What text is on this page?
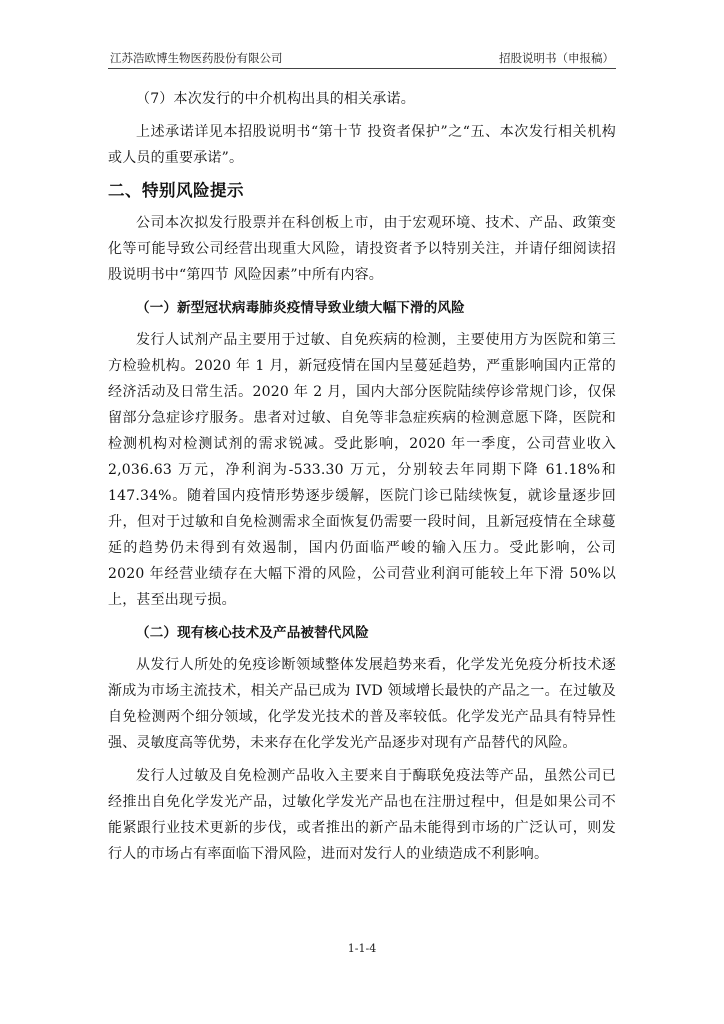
江苏浩欧博生物医药股份有限公司	招股说明书（申报稿）

（7）本次发行的中介机构出具的相关承诺。

上述承诺详见本招股说明书“第十节 投资者保护”之“五、本次发行相关机构或人员的重要承诺”。

二、特别风险提示

公司本次拟发行股票并在科创板上市，由于宏观环境、技术、产品、政策变化等可能导致公司经营出现重大风险，请投资者予以特别关注，并请仔细阅读招股说明书中“第四节 风险因素”中所有内容。

（一）新型冠状病毒肺炎疫情导致业绩大幅下滑的风险

发行人试剂产品主要用于过敏、自免疾病的检测，主要使用方为医院和第三方检验机构。2020 年 1 月，新冠疫情在国内呈蔓延趋势，严重影响国内正常的经济活动及日常生活。2020 年 2 月，国内大部分医院陆续停诊常规门诊，仅保留部分急症诊疗服务。患者对过敏、自免等非急症疾病的检测意愿下降，医院和检测机构对检测试剂的需求锐减。受此影响，2020 年一季度，公司营业收入 2,036.63 万元，净利润为-533.30 万元，分别较去年同期下降 61.18%和 147.34%。随着国内疫情形势逐步缓解，医院门诊已陆续恢复，就诊量逐步回升，但对于过敏和自免检测需求全面恢复仍需要一段时间，且新冠疫情在全球蔓延的趋势仍未得到有效遏制，国内仍面临严峻的输入压力。受此影响，公司 2020 年经营业绩存在大幅下滑的风险，公司营业利润可能较上年下滑 50%以上，甚至出现亏损。

（二）现有核心技术及产品被替代风险

从发行人所处的免疫诊断领域整体发展趋势来看，化学发光免疫分析技术逐渐成为市场主流技术，相关产品已成为 IVD 领域增长最快的产品之一。在过敏及自免检测两个细分领域，化学发光技术的普及率较低。化学发光产品具有特异性强、灵敏度高等优势，未来存在化学发光产品逐步对现有产品替代的风险。

发行人过敏及自免检测产品收入主要来自于酶联免疫法等产品，虽然公司已经推出自免化学发光产品，过敏化学发光产品也在注册过程中，但是如果公司不能紧跟行业技术更新的步伐，或者推出的新产品未能得到市场的广泛认可，则发行人的市场占有率面临下滑风险，进而对发行人的业绩造成不利影响。

1-1-4
